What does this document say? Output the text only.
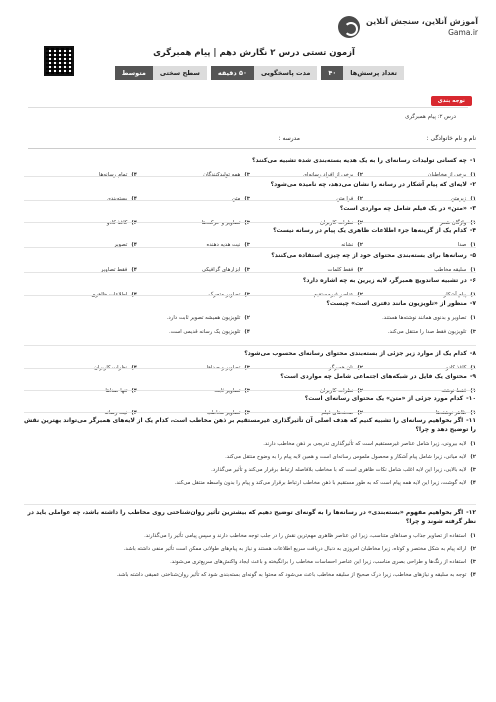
آموزش آنلاین، سنجش آنلاین
Gama.ir
آزمون تستی درس ۲ نگارش دهم | پیام همبرگری
تعداد پرسش‌ها
۴۰
مدت پاسخگویی
۵۰ دقیقه
سطح سختی
متوسط
نوجه بندی
درس ۲: پیام همبرگری
نام و نام خانوادگی :
مدرسه :
۱-چه کسانی تولیدات رسانه‌ای را به یک هدیه بسته‌بندی شده تشبیه می‌کنند؟
۱)برخی از مخاطبان
۲)برخی از افراد رسانه‌ای
۳)همه تولیدکنندگان
۴)تمام رسانه‌ها
۲-لایه‌ای که پیام آشکار در رسانه را نشان می‌دهد، چه نامیده می‌شود؟
۱)زیرمتن
۲)فرا متن
۳)متن
۴)بسته‌بندی
۳-«متن» در یک فیلم شامل چه مواردی است؟
۱)واژگان شعر
۲)نظرات کاربران
۳)تصاویر و حرکت‌ها
۴)کاغذ کادو
۴-کدام یک از گزینه‌ها جزء اطلاعات ظاهری یک پیام در رسانه نیست؟
۱)صدا
۲)نشانه
۳)نیت هدیه دهنده
۴)تصویر
۵-رسانه‌ها برای بسته‌بندی محتوای خود از چه چیزی استفاده می‌کنند؟
۱)سلیقه مخاطب
۲)فقط کلمات
۳)ابزارهای گرافیکی
۴)فقط تصاویر
۶-در تشبیه ساندویچ همبرگر، لایه زیرین به چه اشاره دارد؟
۱)پیام آشکار
۲)عناصر غیرمستقیم
۳)تصاویر متحرک
۴)اطلاعات ظاهری
۷-منظور از «تلویزیون مانند دفتری است» چیست؟
۱)تصاویر و بدنوی همانند نوشته‌ها هستند.
۲)تلویزیون همیشه تصویر ثابت دارد.
۳)تلویزیون فقط صدا را منتقل می‌کند.
۴)تلویزیون یک رسانه قدیمی است.
۸-کدام یک از موارد زیر جزئی از بسته‌بندی محتوای رسانه‌ای محسوب می‌شود؟
۱)کاغذ کادو
۲)نان همبرگر
۳)تصاویر و صداها
۴)نظرات کاربران
۹-محتوای یک فایل در شبکه‌های اجتماعی شامل چه مواردی است؟
۱)فقط نوشته
۲)نظرات کاربران
۳)تصاویر ثابت
۴)تنها صداها
۱۰-کدام مورد جزئی از «متن» یک محتوای رسانه‌ای است؟
۱)ظاهر نوشته‌ها
۲)صحنه‌های فیلم
۳)تصاویر مخاطب
۴)نیت رسانه
۱۱-اگر بخواهیم رسانه‌ای را تشبیه کنیم که هدف اصلی آن تأثیرگذاری غیرمستقیم بر ذهن مخاطب است، کدام یک از لایه‌های همبرگر می‌تواند بهترین نقش را توضیح دهد و چرا؟
۱)لایه بیرونی، زیرا شامل عناصر غیرمستقیم است که تأثیرگذاری تدریجی بر ذهن مخاطب دارند.
۲)لایه میانی، زیرا شامل پیام آشکار و محصول ملموس رسانه‌ای است و همین لایه پیام را به وضوح منتقل می‌کند.
۳)لایه بالایی، زیرا این لایه اغلب شامل نکات ظاهری است که با مخاطب بلافاصله ارتباط برقرار می‌کند و تأثیر می‌گذارد.
۴)لایه گوشت، زیرا این لایه همه پیام است که به طور مستقیم با ذهن مخاطب ارتباط برقرار می‌کند و پیام را بدون واسطه منتقل می‌کند.
۱۲-اگر بخواهیم مفهوم «بسته‌بندی» در رسانه‌ها را به گونه‌ای توضیح دهیم که بیشترین تأثیر روان‌شناختی روی مخاطب را داشته باشد، چه عواملی باید در نظر گرفته شوند و چرا؟
۱)استفاده از تصاویر جذاب و صداهای متناسب، زیرا این عناصر ظاهری مهم‌ترین نقش را در جلب توجه مخاطب دارند و سپس پیامی تأثیر را می‌گذارند.
۲)ارائه پیام به شکل مختصر و کوتاه، زیرا مخاطبان امروزی به دنبال دریافت سریع اطلاعات هستند و نیاز به پیام‌های طولانی ممکن است تأثیر منفی داشته باشد.
۳)استفاده از رنگ‌ها و طراحی بصری مناسب، زیرا این عناصر احساسات مخاطب را برانگیخته و باعث ایجاد واکنش‌های سریع‌تری می‌شوند.
۴)توجه به سلیقه و نیازهای مخاطب، زیرا درک صحیح از سلیقه مخاطب باعث می‌شود که محتوا به گونه‌ای بسته‌بندی شود که تأثیر روان‌شناختی عمیقی داشته باشد.
